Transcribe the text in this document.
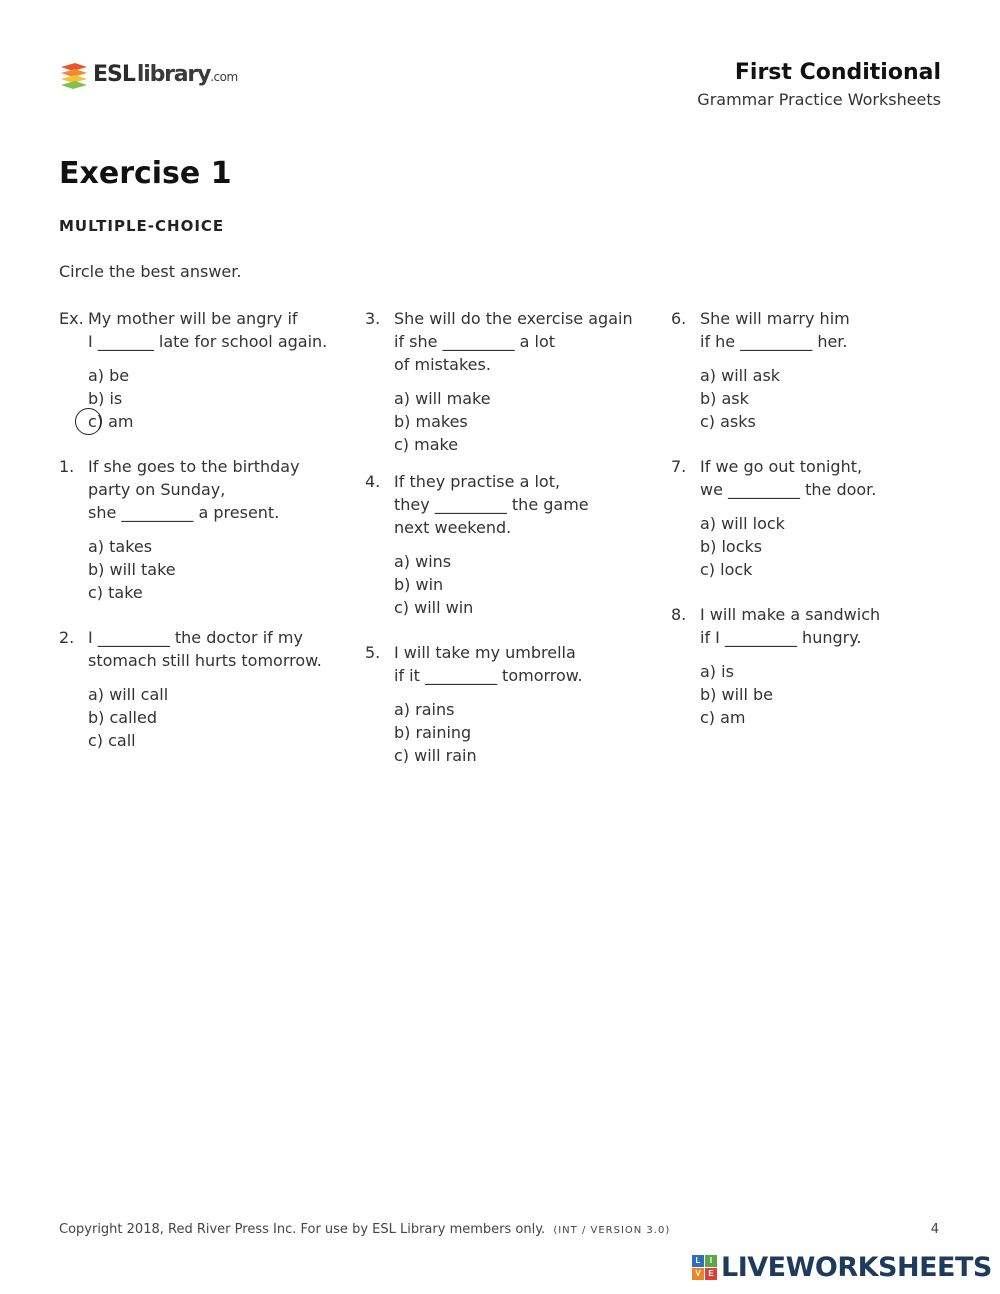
ESL library .com	First Conditional
Grammar Practice Worksheets
Exercise 1
MULTIPLE-CHOICE
Circle the best answer.
Ex. My mother will be angry if
I _______ late for school again.
a) be
b) is
c) am
1. If she goes to the birthday
party on Sunday,
she _________ a present.
a) takes
b) will take
c) take
2. I _________ the doctor if my
stomach still hurts tomorrow.
a) will call
b) called
c) call
3. She will do the exercise again
if she _________ a lot
of mistakes.
a) will make
b) makes
c) make
4. If they practise a lot,
they _________ the game
next weekend.
a) wins
b) win
c) will win
5. I will take my umbrella
if it _________ tomorrow.
a) rains
b) raining
c) will rain
6. She will marry him
if he _________ her.
a) will ask
b) ask
c) asks
7. If we go out tonight,
we _________ the door.
a) will lock
b) locks
c) lock
8. I will make a sandwich
if I _________ hungry.
a) is
b) will be
c) am
Copyright 2018, Red River Press Inc. For use by ESL Library members only. (INT / VERSION 3.0)	4
L	I
V E LIVEWORKSHEETS
